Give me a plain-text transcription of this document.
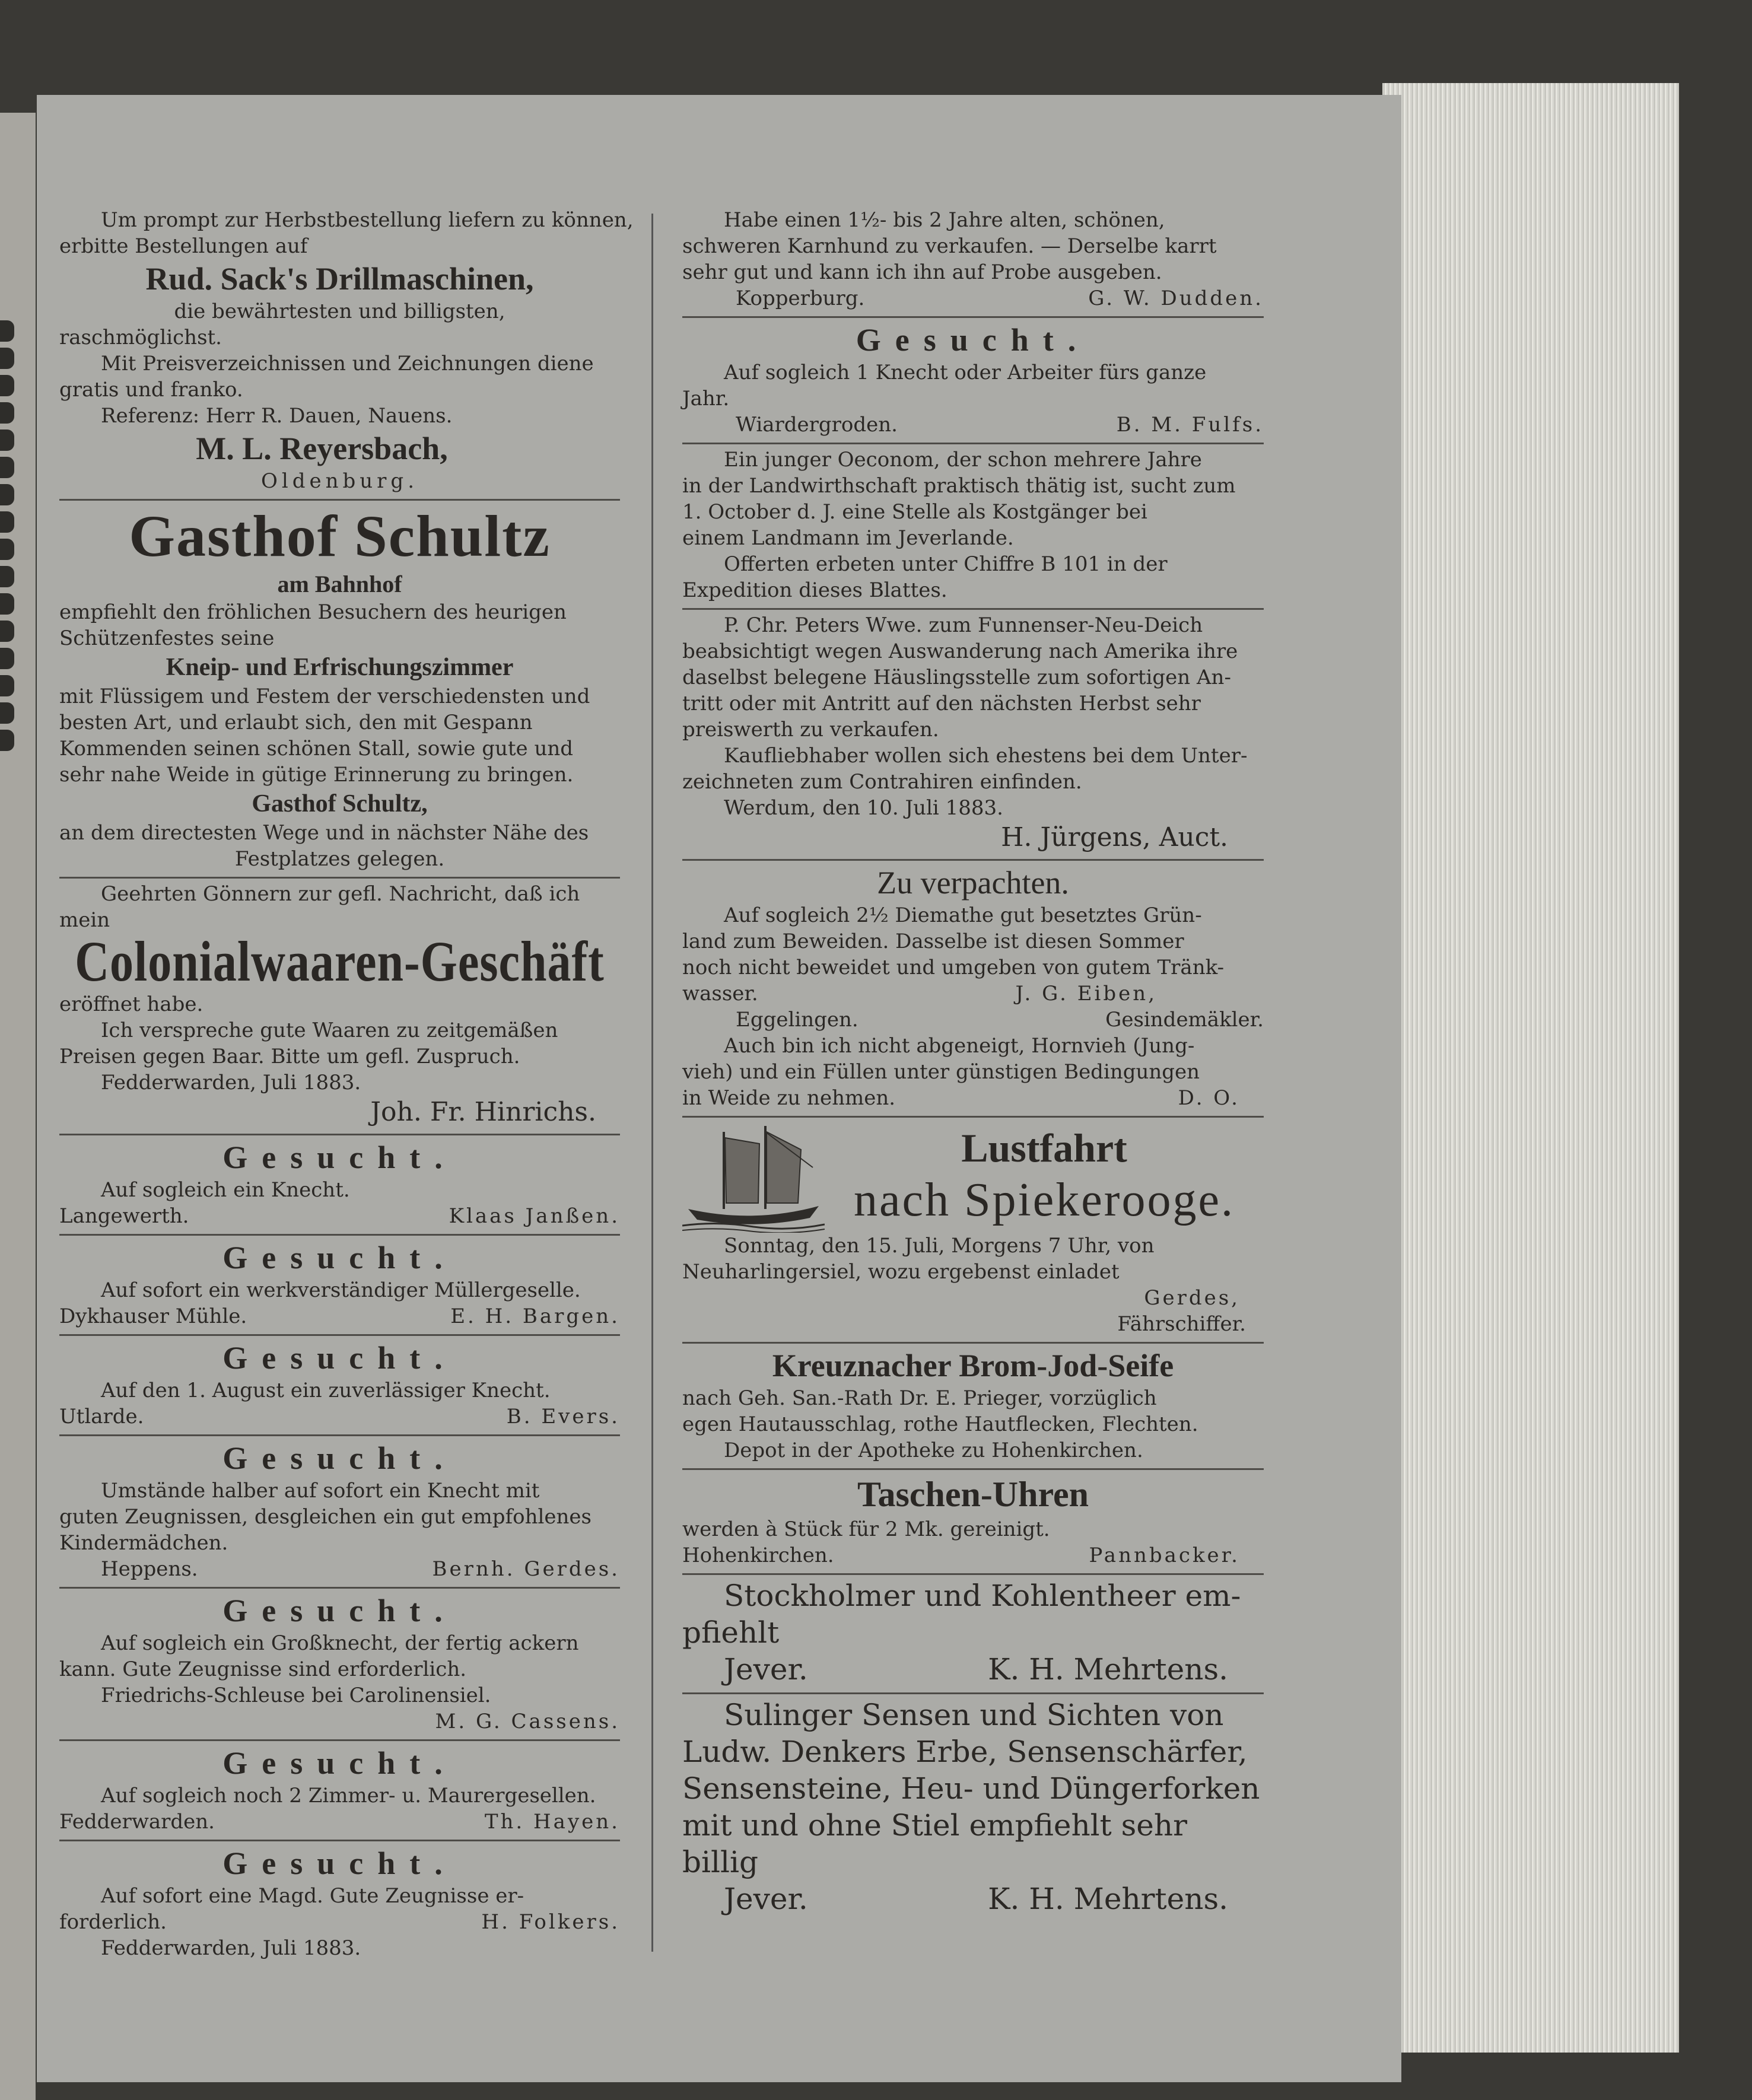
Um prompt zur Herbstbestellung liefern zu können,
erbitte Bestellungen auf
Rud. Sack's Drillmaschinen,
die bewährtesten und billigsten,
raschmöglichst.
Mit Preisverzeichnissen und Zeichnungen diene
gratis und franko.
Referenz: Herr R. Dauen, Nauens.
M. L. Reyersbach,
Oldenburg.
Gasthof Schultz
am Bahnhof
empfiehlt den fröhlichen Besuchern des heurigen
Schützenfestes seine
Kneip- und Erfrischungszimmer
mit Flüssigem und Festem der verschiedensten und
besten Art, und erlaubt sich, den mit Gespann
Kommenden seinen schönen Stall, sowie gute und
sehr nahe Weide in gütige Erinnerung zu bringen.
Gasthof Schultz,
an dem directesten Wege und in nächster Nähe des
Festplatzes gelegen.
Geehrten Gönnern zur gefl. Nachricht, daß ich
mein
Colonialwaaren-Geschäft
eröffnet habe.
Ich verspreche gute Waaren zu zeitgemäßen
Preisen gegen Baar. Bitte um gefl. Zuspruch.
Fedderwarden, Juli 1883.
Joh. Fr. Hinrichs.
Gesucht.
Auf sogleich ein Knecht.
Langewerth.	Klaas Janßen.
Gesucht.
Auf sofort ein werkverständiger Müllergeselle.
Dykhauser Mühle.	E. H. Bargen.
Gesucht.
Auf den 1. August ein zuverlässiger Knecht.
Utlarde.	B. Evers.
Gesucht.
Umstände halber auf sofort ein Knecht mit
guten Zeugnissen, desgleichen ein gut empfohlenes
Kindermädchen.
Heppens.	Bernh. Gerdes.
Gesucht.
Auf sogleich ein Großknecht, der fertig ackern
kann. Gute Zeugnisse sind erforderlich.
Friedrichs-Schleuse bei Carolinensiel.
M. G. Cassens.
Gesucht.
Auf sogleich noch 2 Zimmer- u. Maurergesellen.
Fedderwarden.	Th. Hayen.
Gesucht.
Auf sofort eine Magd. Gute Zeugnisse er-
forderlich.	H. Folkers.
Fedderwarden, Juli 1883.
Habe einen 1½- bis 2 Jahre alten, schönen,
schweren Karnhund zu verkaufen. — Derselbe karrt
sehr gut und kann ich ihn auf Probe ausgeben.
Kopperburg.	G. W. Dudden.
Gesucht.
Auf sogleich 1 Knecht oder Arbeiter fürs ganze
Jahr.
Wiardergroden.	B. M. Fulfs.
Ein junger Oeconom, der schon mehrere Jahre
in der Landwirthschaft praktisch thätig ist, sucht zum
1. October d. J. eine Stelle als Kostgänger bei
einem Landmann im Jeverlande.
Offerten erbeten unter Chiffre B 101 in der
Expedition dieses Blattes.
P. Chr. Peters Wwe. zum Funnenser-Neu-Deich
beabsichtigt wegen Auswanderung nach Amerika ihre
daselbst belegene Häuslingsstelle zum sofortigen An-
tritt oder mit Antritt auf den nächsten Herbst sehr
preiswerth zu verkaufen.
Kaufliebhaber wollen sich ehestens bei dem Unter-
zeichneten zum Contrahiren einfinden.
Werdum, den 10. Juli 1883.
H. Jürgens, Auct.
Zu verpachten.
Auf sogleich 2½ Diemathe gut besetztes Grün-
land zum Beweiden. Dasselbe ist diesen Sommer
noch nicht beweidet und umgeben von gutem Tränk-
wasser.	J. G. Eiben,
Eggelingen.	Gesindemäkler.
Auch bin ich nicht abgeneigt, Hornvieh (Jung-
vieh) und ein Füllen unter günstigen Bedingungen
in Weide zu nehmen.	D. O.
Lustfahrt
nach Spiekerooge.
Sonntag, den 15. Juli, Morgens 7 Uhr, von
Neuharlingersiel, wozu ergebenst einladet
Gerdes,
Fährschiffer.
Kreuznacher Brom-Jod-Seife
nach Geh. San.-Rath Dr. E. Prieger, vorzüglich
egen Hautausschlag, rothe Hautflecken, Flechten.
Depot in der Apotheke zu Hohenkirchen.
Taschen-Uhren
werden à Stück für 2 Mk. gereinigt.
Hohenkirchen.	Pannbacker.
Stockholmer und Kohlentheer em-
pfiehlt
Jever.	K. H. Mehrtens.
Sulinger Sensen und Sichten von
Ludw. Denkers Erbe, Sensenschärfer,
Sensensteine, Heu- und Düngerforken
mit und ohne Stiel empfiehlt sehr
billig
Jever.	K. H. Mehrtens.
